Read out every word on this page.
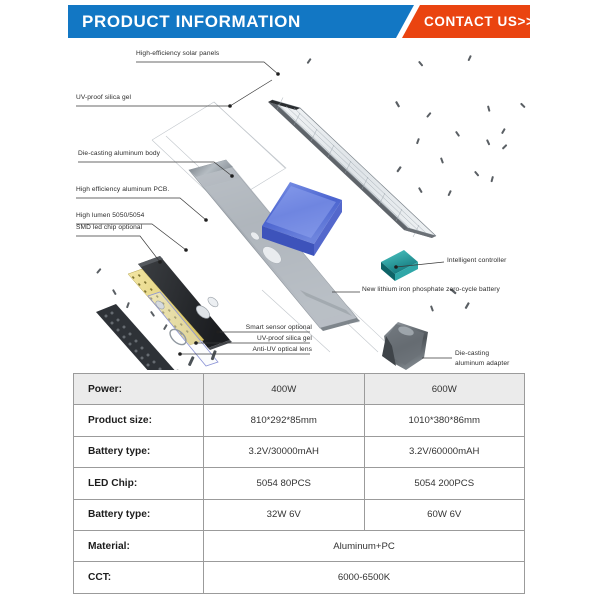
PRODUCT INFORMATION	CONTACT US>>
High-efficiency solar panels
UV-proof silica gel
Die-casting aluminum body
High efficiency aluminum PCB.
High lumen 5050/5054
SMD led chip optional
Intelligent controller
New lithium iron phosphate zero-cycle battery
Smart sensor optional
UV-proof silica gel
Anti-UV optical lens
Die-casting
aluminum adapter
Power:	400W	600W
Product size:	810*292*85mm	1010*380*86mm
Battery type:	3.2V/30000mAH	3.2V/60000mAH
LED Chip:	5054 80PCS	5054 200PCS
Battery type:	32W 6V	60W 6V
Material:	Aluminum+PC	
CCT:	6000-6500K	
